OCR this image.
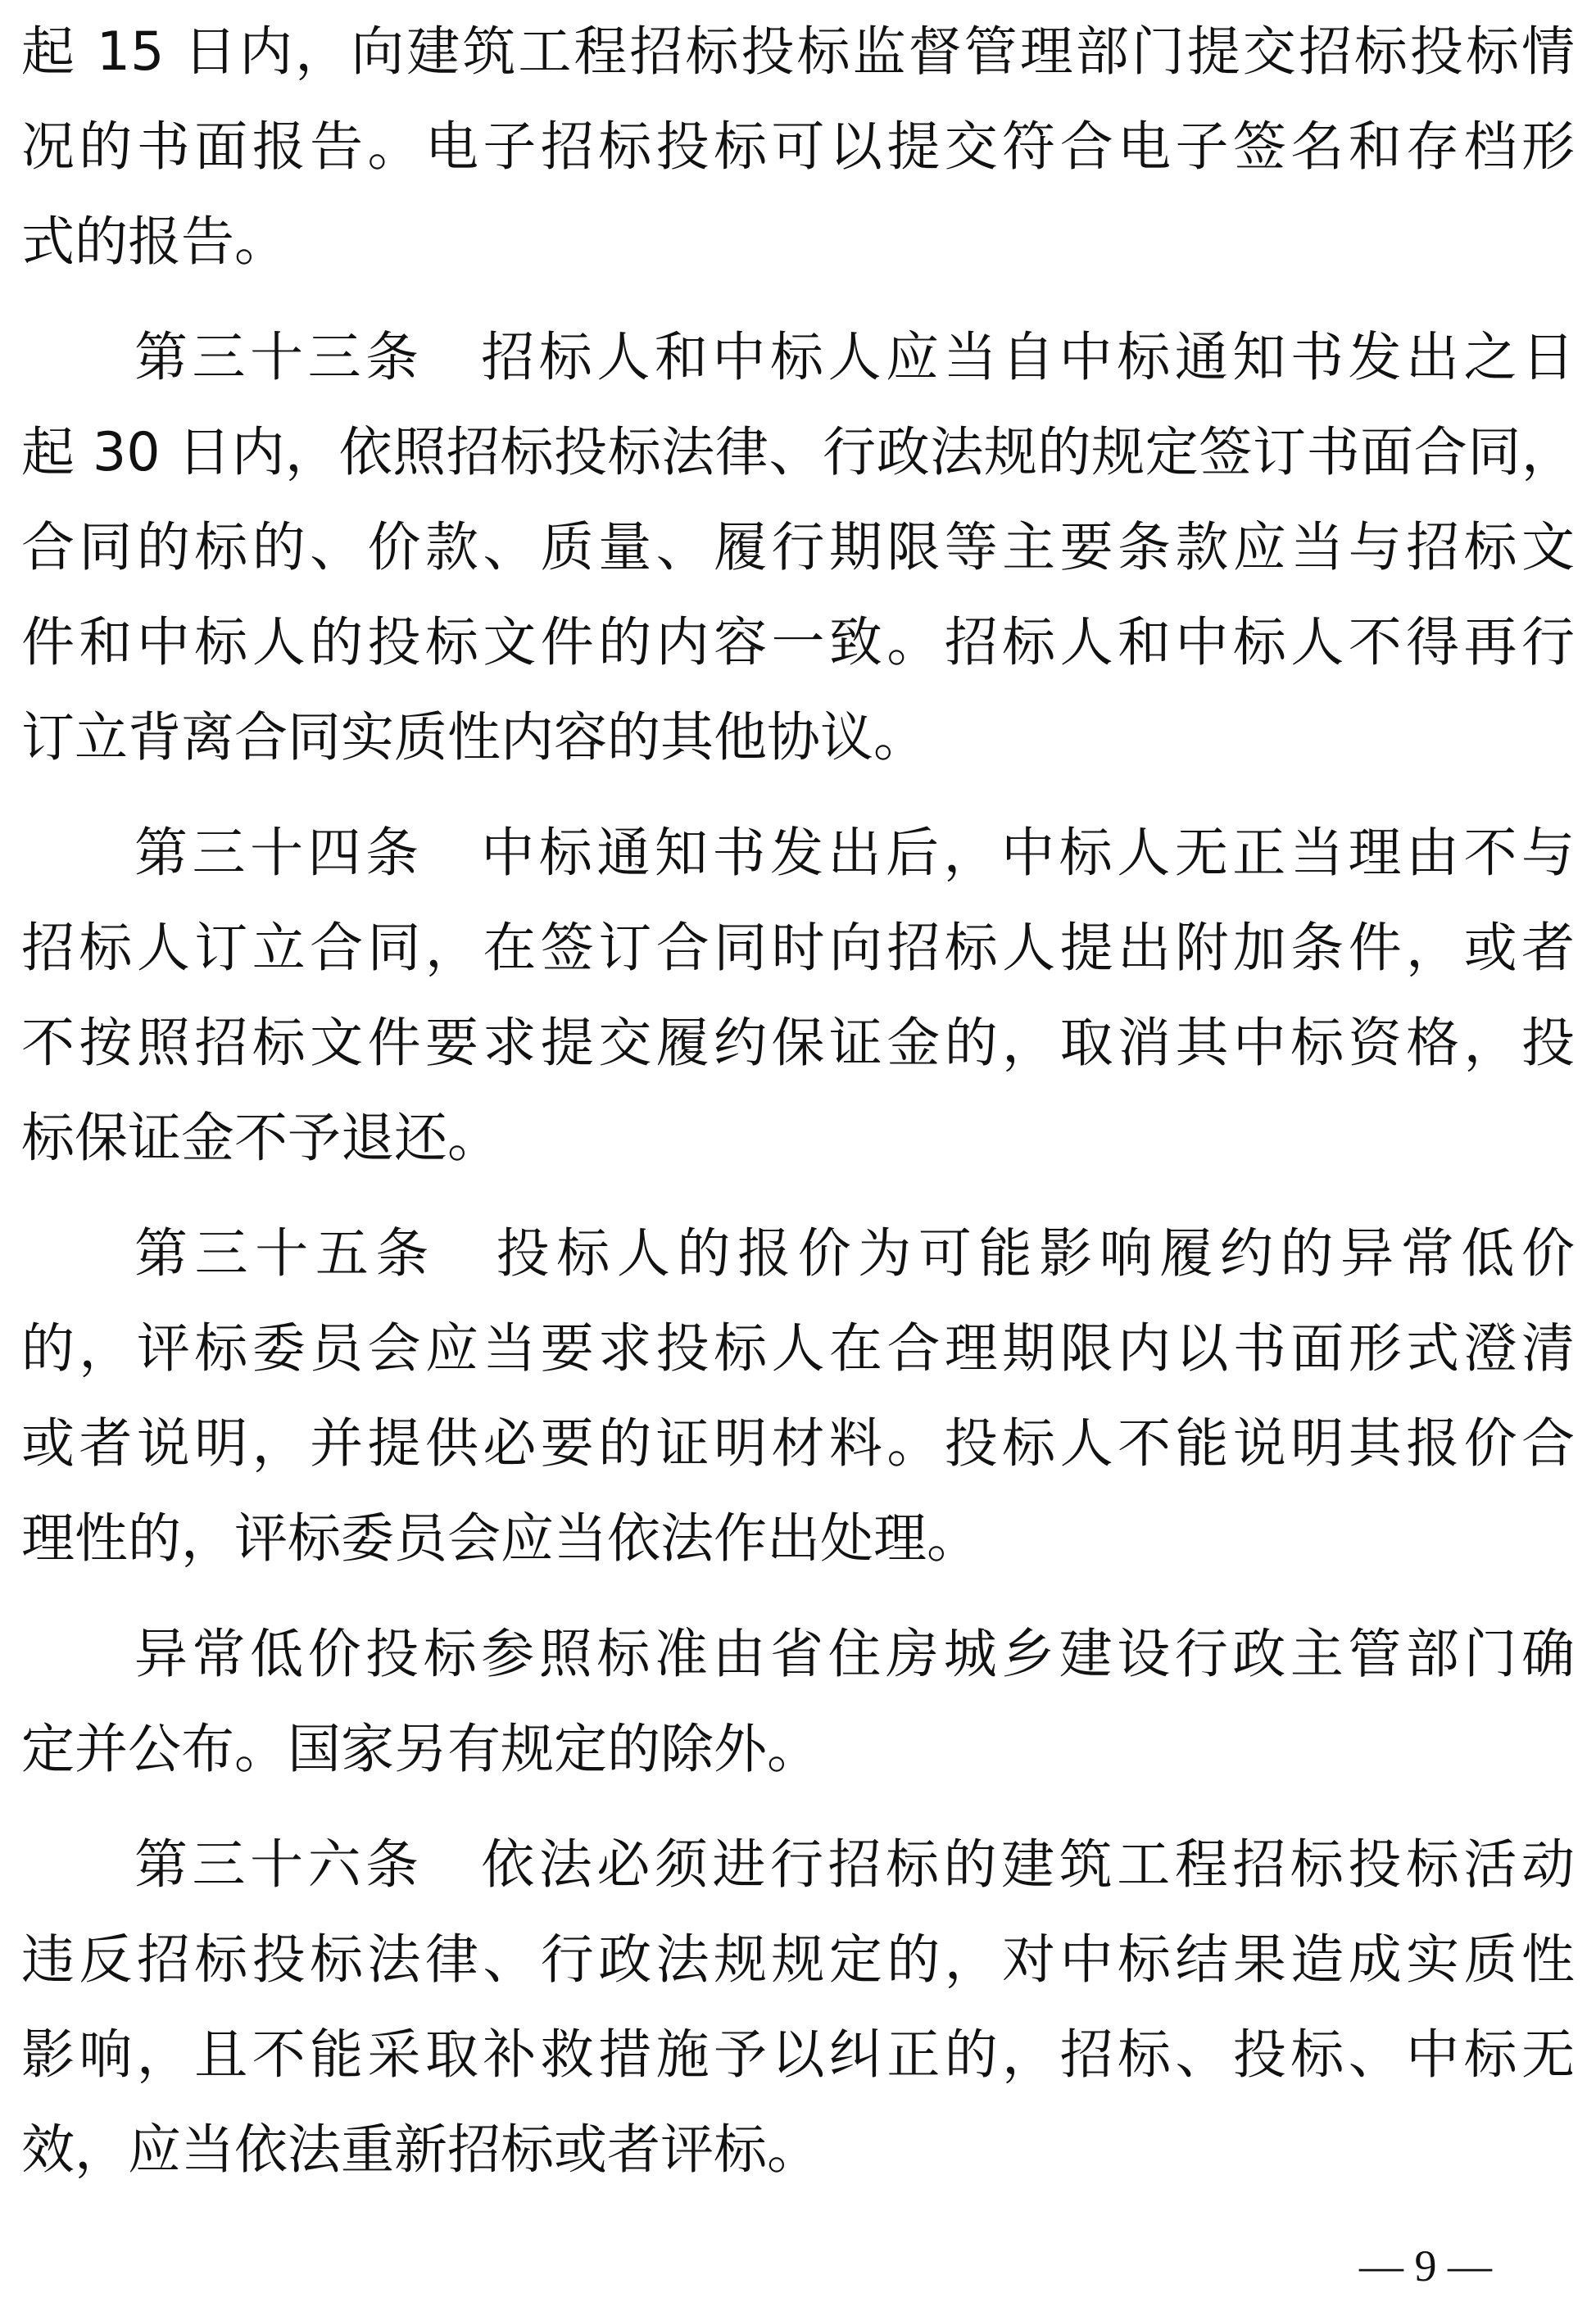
起 15 日内，向建筑工程招标投标监督管理部门提交招标投标情
况的书面报告。电子招标投标可以提交符合电子签名和存档形
式的报告。
第三十三条　招标人和中标人应当自中标通知书发出之日
起 30 日内，依照招标投标法律、行政法规的规定签订书面合同，
合同的标的、价款、质量、履行期限等主要条款应当与招标文
件和中标人的投标文件的内容一致。招标人和中标人不得再行
订立背离合同实质性内容的其他协议。
第三十四条　中标通知书发出后，中标人无正当理由不与
招标人订立合同，在签订合同时向招标人提出附加条件，或者
不按照招标文件要求提交履约保证金的，取消其中标资格，投
标保证金不予退还。
第三十五条　投标人的报价为可能影响履约的异常低价
的，评标委员会应当要求投标人在合理期限内以书面形式澄清
或者说明，并提供必要的证明材料。投标人不能说明其报价合
理性的，评标委员会应当依法作出处理。
异常低价投标参照标准由省住房城乡建设行政主管部门确
定并公布。国家另有规定的除外。
第三十六条　依法必须进行招标的建筑工程招标投标活动
违反招标投标法律、行政法规规定的，对中标结果造成实质性
影响，且不能采取补救措施予以纠正的，招标、投标、中标无
效，应当依法重新招标或者评标。
— 9 —
